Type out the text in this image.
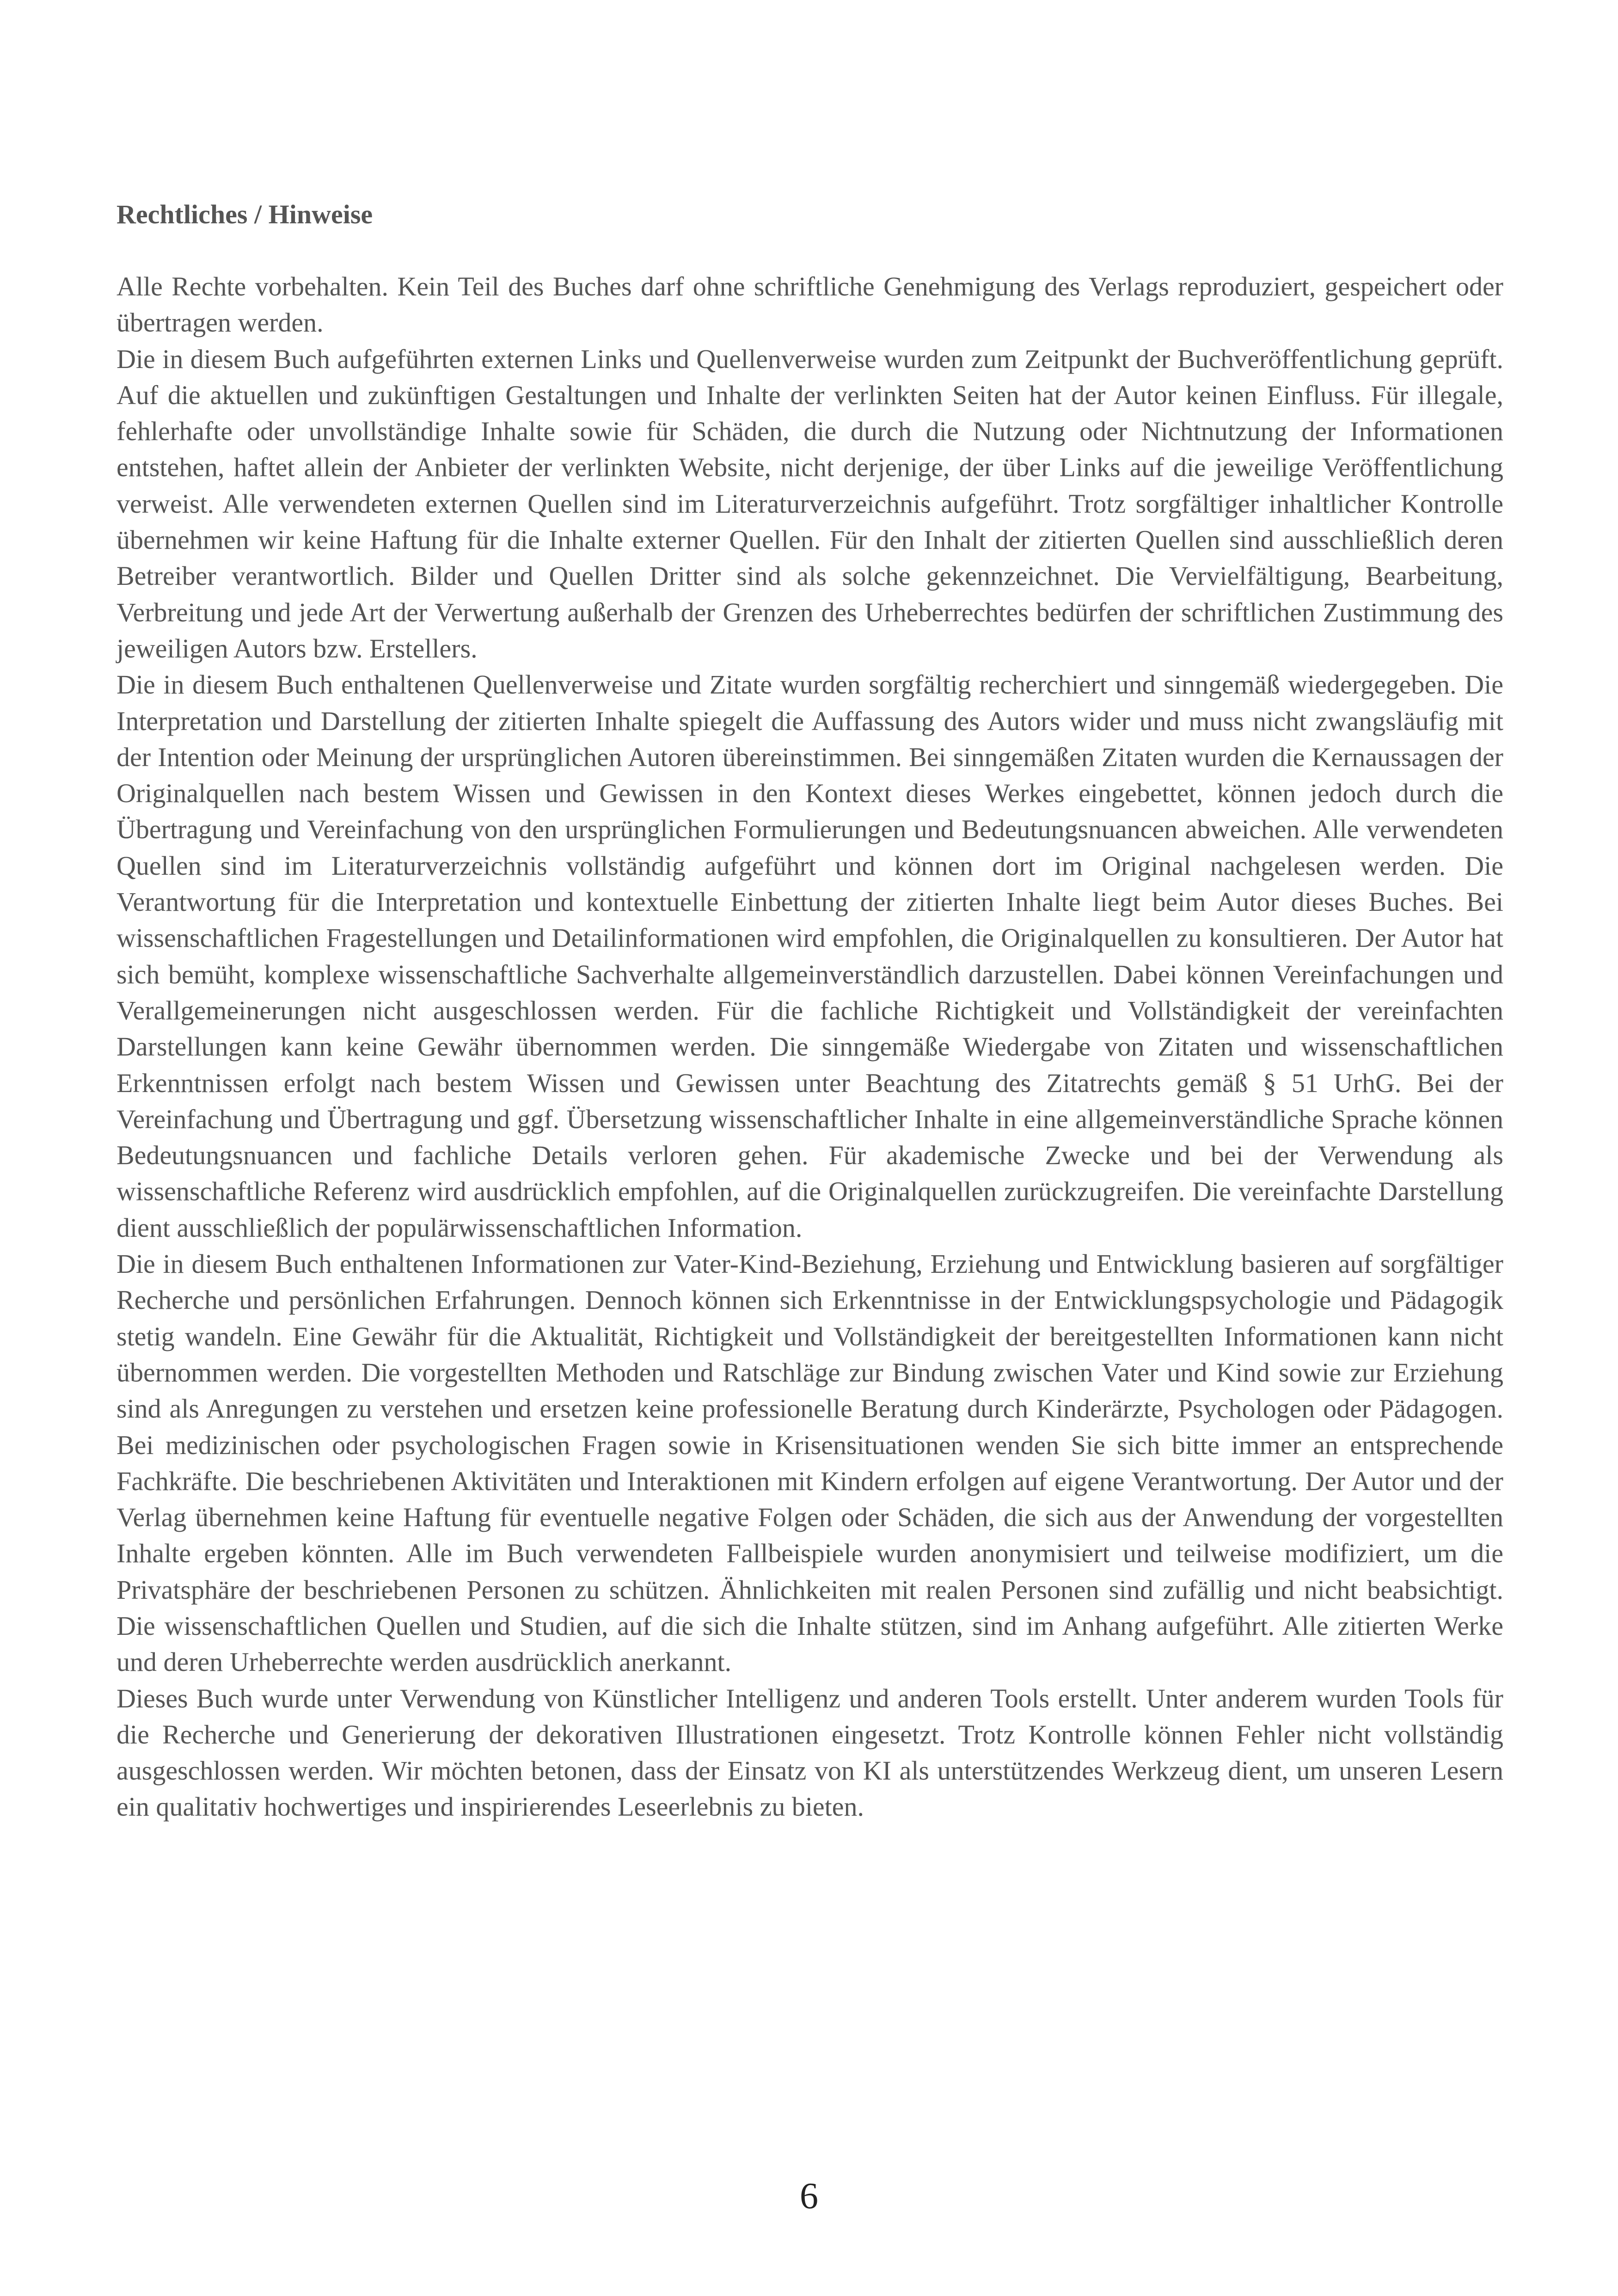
Rechtliches / Hinweise

Alle Rechte vorbehalten. Kein Teil des Buches darf ohne schriftliche Genehmigung des Verlags reproduziert, gespeichert oder übertragen werden.

Die in diesem Buch aufgeführten externen Links und Quellenverweise wurden zum Zeitpunkt der Buchveröffentlichung geprüft. Auf die aktuellen und zukünftigen Gestaltungen und Inhalte der verlinkten Seiten hat der Autor keinen Einfluss. Für illegale, fehlerhafte oder unvollständige Inhalte sowie für Schäden, die durch die Nutzung oder Nichtnutzung der Informationen entstehen, haftet allein der Anbieter der verlinkten Website, nicht derjenige, der über Links auf die jeweilige Veröffentlichung verweist. Alle verwendeten externen Quellen sind im Literaturverzeichnis aufgeführt. Trotz sorgfältiger inhaltlicher Kontrolle übernehmen wir keine Haftung für die Inhalte externer Quellen. Für den Inhalt der zitierten Quellen sind ausschließlich deren Betreiber verantwortlich. Bilder und Quellen Dritter sind als solche gekennzeichnet. Die Vervielfältigung, Bearbeitung, Verbreitung und jede Art der Verwertung außerhalb der Grenzen des Urheberrechtes bedürfen der schriftlichen Zustimmung des jeweiligen Autors bzw. Erstellers.

Die in diesem Buch enthaltenen Quellenverweise und Zitate wurden sorgfältig recherchiert und sinngemäß wiedergegeben. Die Interpretation und Darstellung der zitierten Inhalte spiegelt die Auffassung des Autors wider und muss nicht zwangsläufig mit der Intention oder Meinung der ursprünglichen Autoren übereinstimmen. Bei sinngemäßen Zitaten wurden die Kernaussagen der Originalquellen nach bestem Wissen und Gewissen in den Kontext dieses Werkes eingebettet, können jedoch durch die Übertragung und Vereinfachung von den ursprünglichen Formulierungen und Bedeutungsnuancen abweichen. Alle verwendeten Quellen sind im Literaturverzeichnis vollständig aufgeführt und können dort im Original nachgelesen werden. Die Verantwortung für die Interpretation und kontextuelle Einbettung der zitierten Inhalte liegt beim Autor dieses Buches. Bei wissenschaftlichen Fragestellungen und Detailinformationen wird empfohlen, die Originalquellen zu konsultieren. Der Autor hat sich bemüht, komplexe wissenschaftliche Sachverhalte allgemeinverständlich darzustellen. Dabei können Vereinfachungen und Verallgemeinerungen nicht ausgeschlossen werden. Für die fachliche Richtigkeit und Vollständigkeit der vereinfachten Darstellungen kann keine Gewähr übernommen werden. Die sinngemäße Wiedergabe von Zitaten und wissenschaftlichen Erkenntnissen erfolgt nach bestem Wissen und Gewissen unter Beachtung des Zitatrechts gemäß § 51 UrhG. Bei der Vereinfachung und Übertragung und ggf. Übersetzung wissenschaftlicher Inhalte in eine allgemeinverständliche Sprache können Bedeutungsnuancen und fachliche Details verloren gehen. Für akademische Zwecke und bei der Verwendung als wissenschaftliche Referenz wird ausdrücklich empfohlen, auf die Originalquellen zurückzugreifen. Die vereinfachte Darstellung dient ausschließlich der populärwissenschaftlichen Information.

Die in diesem Buch enthaltenen Informationen zur Vater-Kind-Beziehung, Erziehung und Entwicklung basieren auf sorgfältiger Recherche und persönlichen Erfahrungen. Dennoch können sich Erkenntnisse in der Entwicklungspsychologie und Pädagogik stetig wandeln. Eine Gewähr für die Aktualität, Richtigkeit und Vollständigkeit der bereitgestellten Informationen kann nicht übernommen werden. Die vorgestellten Methoden und Ratschläge zur Bindung zwischen Vater und Kind sowie zur Erziehung sind als Anregungen zu verstehen und ersetzen keine professionelle Beratung durch Kinderärzte, Psychologen oder Pädagogen. Bei medizinischen oder psychologischen Fragen sowie in Krisensituationen wenden Sie sich bitte immer an entsprechende Fachkräfte. Die beschriebenen Aktivitäten und Interaktionen mit Kindern erfolgen auf eigene Verantwortung. Der Autor und der Verlag übernehmen keine Haftung für eventuelle negative Folgen oder Schäden, die sich aus der Anwendung der vorgestellten Inhalte ergeben könnten. Alle im Buch verwendeten Fallbeispiele wurden anonymisiert und teilweise modifiziert, um die Privatsphäre der beschriebenen Personen zu schützen. Ähnlichkeiten mit realen Personen sind zufällig und nicht beabsichtigt. Die wissenschaftlichen Quellen und Studien, auf die sich die Inhalte stützen, sind im Anhang aufgeführt. Alle zitierten Werke und deren Urheberrechte werden ausdrücklich anerkannt.

Dieses Buch wurde unter Verwendung von Künstlicher Intelligenz und anderen Tools erstellt. Unter anderem wurden Tools für die Recherche und Generierung der dekorativen Illustrationen eingesetzt. Trotz Kontrolle können Fehler nicht vollständig ausgeschlossen werden. Wir möchten betonen, dass der Einsatz von KI als unterstützendes Werkzeug dient, um unseren Lesern ein qualitativ hochwertiges und inspirierendes Leseerlebnis zu bieten.

6
